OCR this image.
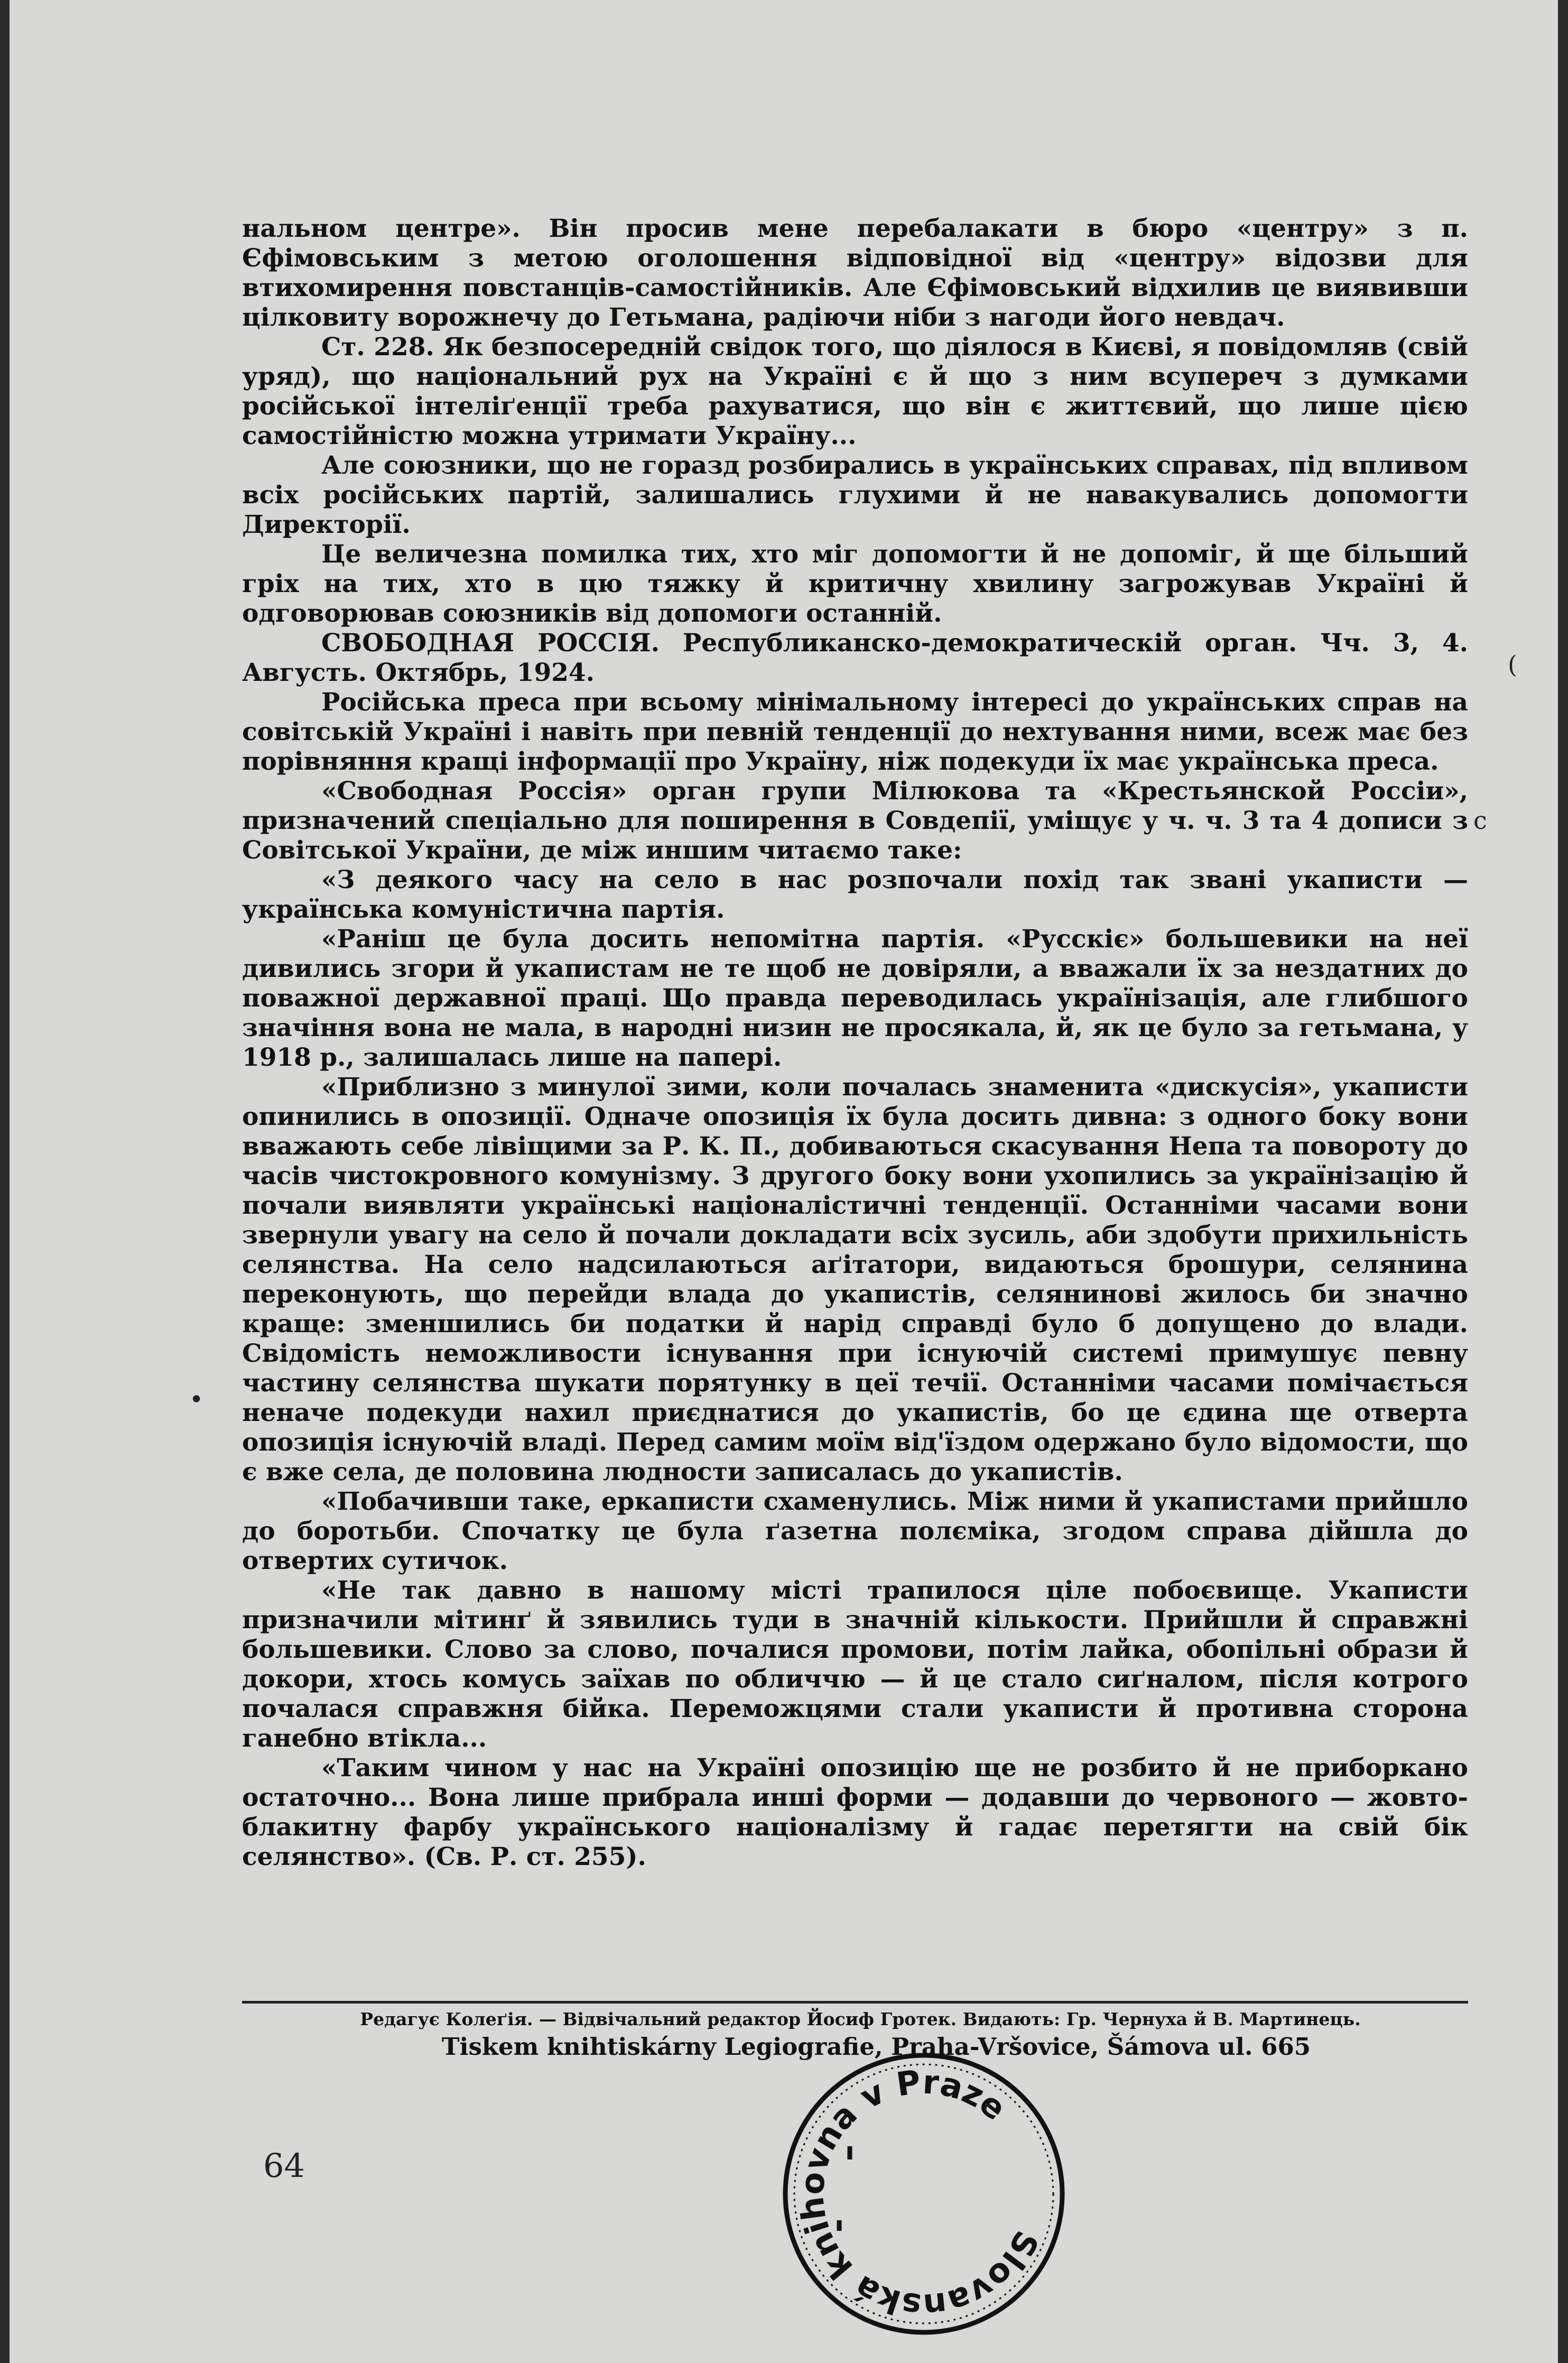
нальном центре». Він просив мене перебалакати в бюро «центру» з п. Єфімовським з метою оголошення відповідної від «центру» відозви для втихомирення повстанців-самостійників. Але Єфімовський відхилив це виявивши цілковиту ворожнечу до Гетьмана, радіючи ніби з нагоди його невдач.

Ст. 228. Як безпосередній свідок того, що діялося в Києві, я повідомляв (свій уряд), що національний рух на Україні є й що з ним всупереч з думками російської інтеліґенції треба рахуватися, що він є життєвий, що лише цією самостійністю можна утримати Україну...

Але союзники, що не горазд розбирались в українських справах, під впливом всіх російських партій, залишались глухими й не навакувались допомогти Директорії.

Це величезна помилка тих, хто міг допомогти й не допоміг, й ще більший гріх на тих, хто в цю тяжку й критичну хвилину загрожував Україні й одговорював союзників від допомоги останній.

СВОБОДНАЯ РОССІЯ. Республиканско-демократическій орган. Чч. 3, 4. Августь. Октябрь, 1924.

Російська преса при всьому мінімальному інтересі до українських справ на совітській Україні і навіть при певній тенденції до нехтування ними, всеж має без порівняння кращі інформації про Україну, ніж подекуди їх має українська преса.

«Свободная Россія» орган групи Мілюкова та «Крестьянской Россіи», призначений спеціально для поширення в Совдепії, уміщує у ч. ч. 3 та 4 дописи з Совітської України, де між иншим читаємо таке:

«З деякого часу на село в нас розпочали похід так звані укаписти — українська комуністична партія.

«Раніш це була досить непомітна партія. «Русскіє» большевики на неї дивились згори й укапистам не те щоб не довіряли, а вважали їх за нездатних до поважної державної праці. Що правда переводилась українізація, але глибшого значіння вона не мала, в народні низин не просякала, й, як це було за гетьмана, у 1918 р., залишалась лише на папері.

«Приблизно з минулої зими, коли почалась знаменита «дискусія», укаписти опинились в опозиції. Одначе опозиція їх була досить дивна: з одного боку вони вважають себе лівіщими за Р. К. П., добиваються скасування Непа та повороту до часів чистокровного комунізму. З другого боку вони ухопились за українізацію й почали виявляти українські націоналістичні тенденції. Останніми часами вони звернули увагу на село й почали докладати всіх зусиль, аби здобути прихильність селянства. На село надсилаються аґітатори, видаються брошури, селянина переконують, що перейди влада до укапистів, селянинові жилось би значно краще: зменшились би податки й нарід справді було б допущено до влади. Свідомість неможливости існування при існуючій системі примушує певну частину селянства шукати порятунку в цеї течії. Останніми часами помічається неначе подекуди нахил приєднатися до укапистів, бо це єдина ще отверта опозиція існуючій владі. Перед самим моїм від'їздом одержано було відомости, що є вже села, де половина людности записалась до укапистів.

«Побачивши таке, еркаписти схаменулись. Між ними й укапистами прийшло до боротьби. Спочатку це була ґазетна полєміка, згодом справа дійшла до отвертих сутичок.

«Не так давно в нашому місті трапилося ціле побоєвище. Укаписти призначили мітинґ й зявились туди в значній кількости. Прийшли й справжні большевики. Слово за слово, почалися промови, потім лайка, обопільні образи й докори, хтось комусь заїхав по обличчю — й це стало сиґналом, після котрого почалася справжня бійка. Переможцями стали укаписти й противна сторона ганебно втікла...

«Таким чином у нас на Україні опозицію ще не розбито й не приборкано остаточно... Вона лише прибрала инші форми — додавши до червоного — жовто-блакитну фарбу українського націоналізму й гадає перетягти на свій бік селянство». (Св. Р. ст. 255).

Редагує Колеґія. — Відвічальний редактор Йосиф Гротек. Видають: Гр. Чернуха й В. Мартинець.
Tiskem knihtiskárny Legiografie, Praha-Vršovice, Šámova ul. 665
64
Slovanská knihovna v Praze
(
c
•
